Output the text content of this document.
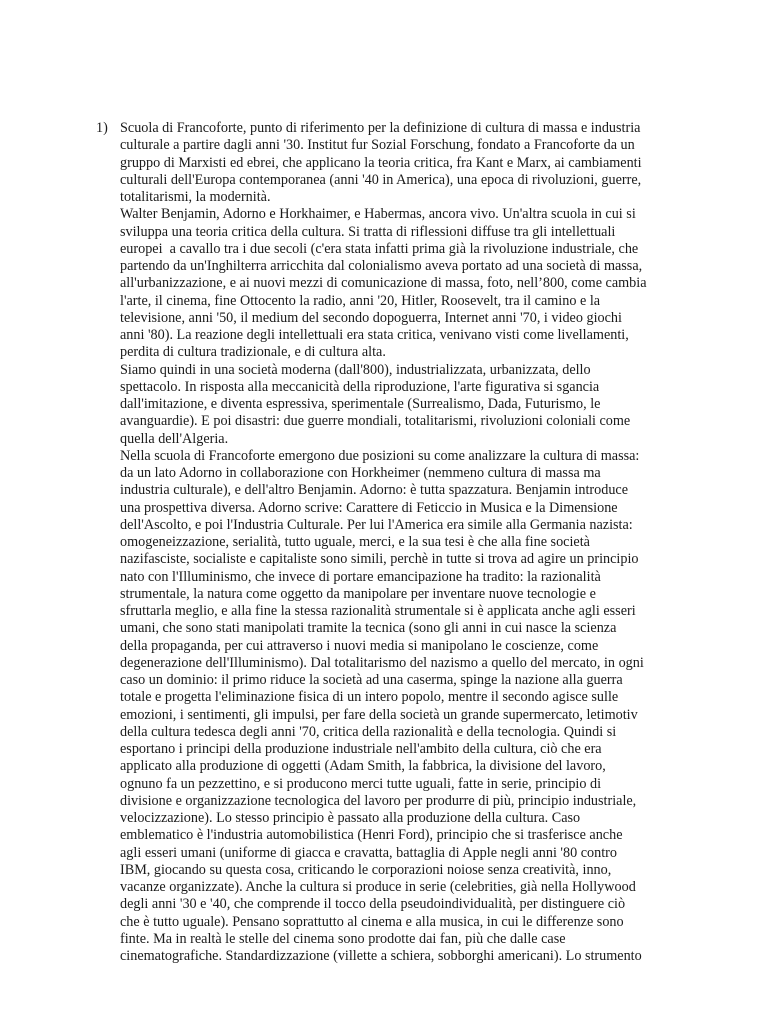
1) Scuola di Francoforte, punto di riferimento per la definizione di cultura di massa e industria
culturale a partire dagli anni '30. Institut fur Sozial Forschung, fondato a Francoforte da un
gruppo di Marxisti ed ebrei, che applicano la teoria critica, fra Kant e Marx, ai cambiamenti
culturali dell'Europa contemporanea (anni '40 in America), una epoca di rivoluzioni, guerre,
totalitarismi, la modernità.
Walter Benjamin, Adorno e Horkhaimer, e Habermas, ancora vivo. Un'altra scuola in cui si
sviluppa una teoria critica della cultura. Si tratta di riflessioni diffuse tra gli intellettuali
europei  a cavallo tra i due secoli (c'era stata infatti prima già la rivoluzione industriale, che
partendo da un'Inghilterra arricchita dal colonialismo aveva portato ad una società di massa,
all'urbanizzazione, e ai nuovi mezzi di comunicazione di massa, foto, nell’800, come cambia
l'arte, il cinema, fine Ottocento la radio, anni '20, Hitler, Roosevelt, tra il camino e la
televisione, anni '50, il medium del secondo dopoguerra, Internet anni '70, i video giochi
anni '80). La reazione degli intellettuali era stata critica, venivano visti come livellamenti,
perdita di cultura tradizionale, e di cultura alta.
Siamo quindi in una società moderna (dall'800), industrializzata, urbanizzata, dello
spettacolo. In risposta alla meccanicità della riproduzione, l'arte figurativa si sgancia
dall'imitazione, e diventa espressiva, sperimentale (Surrealismo, Dada, Futurismo, le
avanguardie). E poi disastri: due guerre mondiali, totalitarismi, rivoluzioni coloniali come
quella dell'Algeria.
Nella scuola di Francoforte emergono due posizioni su come analizzare la cultura di massa:
da un lato Adorno in collaborazione con Horkheimer (nemmeno cultura di massa ma
industria culturale), e dell'altro Benjamin. Adorno: è tutta spazzatura. Benjamin introduce
una prospettiva diversa. Adorno scrive: Carattere di Feticcio in Musica e la Dimensione
dell'Ascolto, e poi l'Industria Culturale. Per lui l'America era simile alla Germania nazista:
omogeneizzazione, serialità, tutto uguale, merci, e la sua tesi è che alla fine società
nazifasciste, socialiste e capitaliste sono simili, perchè in tutte si trova ad agire un principio
nato con l'Illuminismo, che invece di portare emancipazione ha tradito: la razionalità
strumentale, la natura come oggetto da manipolare per inventare nuove tecnologie e
sfruttarla meglio, e alla fine la stessa razionalità strumentale si è applicata anche agli esseri
umani, che sono stati manipolati tramite la tecnica (sono gli anni in cui nasce la scienza
della propaganda, per cui attraverso i nuovi media si manipolano le coscienze, come
degenerazione dell'Illuminismo). Dal totalitarismo del nazismo a quello del mercato, in ogni
caso un dominio: il primo riduce la società ad una caserma, spinge la nazione alla guerra
totale e progetta l'eliminazione fisica di un intero popolo, mentre il secondo agisce sulle
emozioni, i sentimenti, gli impulsi, per fare della società un grande supermercato, letimotiv
della cultura tedesca degli anni '70, critica della razionalità e della tecnologia. Quindi si
esportano i principi della produzione industriale nell'ambito della cultura, ciò che era
applicato alla produzione di oggetti (Adam Smith, la fabbrica, la divisione del lavoro,
ognuno fa un pezzettino, e si producono merci tutte uguali, fatte in serie, principio di
divisione e organizzazione tecnologica del lavoro per produrre di più, principio industriale,
velocizzazione). Lo stesso principio è passato alla produzione della cultura. Caso
emblematico è l'industria automobilistica (Henri Ford), principio che si trasferisce anche
agli esseri umani (uniforme di giacca e cravatta, battaglia di Apple negli anni '80 contro
IBM, giocando su questa cosa, criticando le corporazioni noiose senza creatività, inno,
vacanze organizzate). Anche la cultura si produce in serie (celebrities, già nella Hollywood
degli anni '30 e '40, che comprende il tocco della pseudoindividualità, per distinguere ciò
che è tutto uguale). Pensano soprattutto al cinema e alla musica, in cui le differenze sono
finte. Ma in realtà le stelle del cinema sono prodotte dai fan, più che dalle case
cinematografiche. Standardizzazione (villette a schiera, sobborghi americani). Lo strumento
